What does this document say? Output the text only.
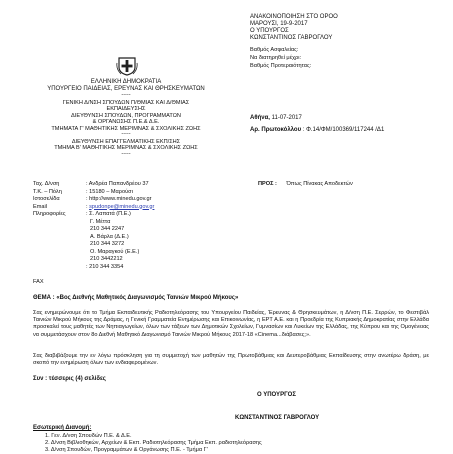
ΑΝΑΚΟΙΝΟΠΟΙΗΣΗ ΣΤΟ ΟΡΟΟ
ΜΑΡΟΥΣΙ, 19-9-2017
Ο ΥΠΟΥΡΓΟΣ
ΚΩΝΣΤΑΝΤΙΝΟΣ ΓΑΒΡΟΓΛΟΥ
Βαθμός Ασφαλείας:
Να διατηρηθεί μέχρι:
Βαθμός Προτεραιότητας:
ΕΛΛΗΝΙΚΗ ΔΗΜΟΚΡΑΤΙΑ
ΥΠΟΥΡΓΕΙΟ ΠΑΙΔΕΙΑΣ, ΕΡΕΥΝΑΣ ΚΑΙ ΘΡΗΣΚΕΥΜΑΤΩΝ
-----
ΓΕΝΙΚΗ Δ/ΝΣΗ ΣΠΟΥΔΩΝ Π/ΘΜΙΑΣ ΚΑΙ Δ/ΘΜΙΑΣ
ΕΚΠΑΙΔΕΥΣΗΣ
ΔΙΕΥΘΥΝΣΗ ΣΠΟΥΔΩΝ, ΠΡΟΓΡΑΜΜΑΤΩΝ
& ΟΡΓΑΝΩΣΗΣ Π.Ε.& Δ.Ε.
ΤΜΗΜΑΤΑ Γ' ΜΑΘΗΤΙΚΗΣ ΜΕΡΙΜΝΑΣ & ΣΧΟΛΙΚΗΣ ΖΩΗΣ
-----
ΔΙΕΥΘΥΝΣΗ ΕΠΑΓΓΕΛΜΑΤΙΚΗΣ ΕΚΠ/ΣΗΣ
ΤΜΗΜΑ Β' ΜΑΘΗΤΙΚΗΣ ΜΕΡΙΜΝΑΣ & ΣΧΟΛΙΚΗΣ ΖΩΗΣ
-----
Αθήνα, 11-07-2017
Αρ. Πρωτοκόλλου : Φ.14/ΦΜ/100369/117244 /Δ1
Ταχ. Δ/νση
Τ.Κ. – Πόλη
Ιστοσελίδα
Email
Πληροφορίες
FAX
: Ανδρέα Παπανδρέου 37
: 15180 – Μαρούσι
: http://www.minedu.gov.gr
: spudonpe@minedu.gov.gr
: Σ. Λαπατά (Π.Ε.)
Γ. Μέττα
210 344 2247
Α. Βάρλα (Δ.Ε.)
210 344 3272
Ο. Μαραγκού (Ε.Ε.)
210 3442212
: 210 344 3354
ΠΡΟΣ : Όπως Πίνακας Αποδεκτών
ΘΕΜΑ : «Βος Διεθνής Μαθητικός Διαγωνισμός Ταινιών Μικρού Μήκους»
Σας ενημερώνουμε ότι το Τμήμα Εκπαιδευτικής Ραδιοτηλεόρασης του Υπουργείου Παιδείας, Έρευνας & Θρησκευμάτων, η Δ/νση Π.Ε. Σερρών, το Φεστιβάλ Ταινιών Μικρού Μήκους της Δράμας, η Γενική Γραμματεία Ενημέρωσης και Επικοινωνίας, η ΕΡΤ Α.Ε. και η Προεδρία της Κυπριακής Δημοκρατίας στην Ελλάδα προσκαλεί τους μαθητές των Νηπιαγωγείων, όλων των τάξεων των Δημοτικών Σχολείων, Γυμνασίων και Λυκείων της Ελλάδας, της Κύπρου και της Ομογένειας να συμμετάσχουν στον 8ο Διεθνή Μαθητικό Διαγωνισμό Ταινιών Μικρού Μήκους 2017-18 «Cinema...διάβασες;».
Σας διαβιβάζουμε την εν λόγω πρόσκληση για τη συμμετοχή των μαθητών της Πρωτοβάθμιας και Δευτεροβάθμιας Εκπαίδευσης στην ανωτέρω δράση, με σκοπό την ενημέρωση όλων των ενδιαφερομένων.
Συν : τέσσερις (4) σελίδες
Ο ΥΠΟΥΡΓΟΣ
ΚΩΝΣΤΑΝΤΙΝΟΣ ΓΑΒΡΟΓΛΟΥ
Εσωτερική Διανομή:
1. Γεν. Δ/νση Σπουδών Π.Ε. & Δ.Ε.
2. Δ/νση Βιβλιοθηκών, Αρχείων & Εκπ. Ραδιοτηλεόρασης Τμήμα Εκπ. ραδιοτηλεόρασης
3. Δ/νση Σπουδών, Προγραμμάτων & Οργάνωσης Π.Ε. - Τμήμα Γ'
